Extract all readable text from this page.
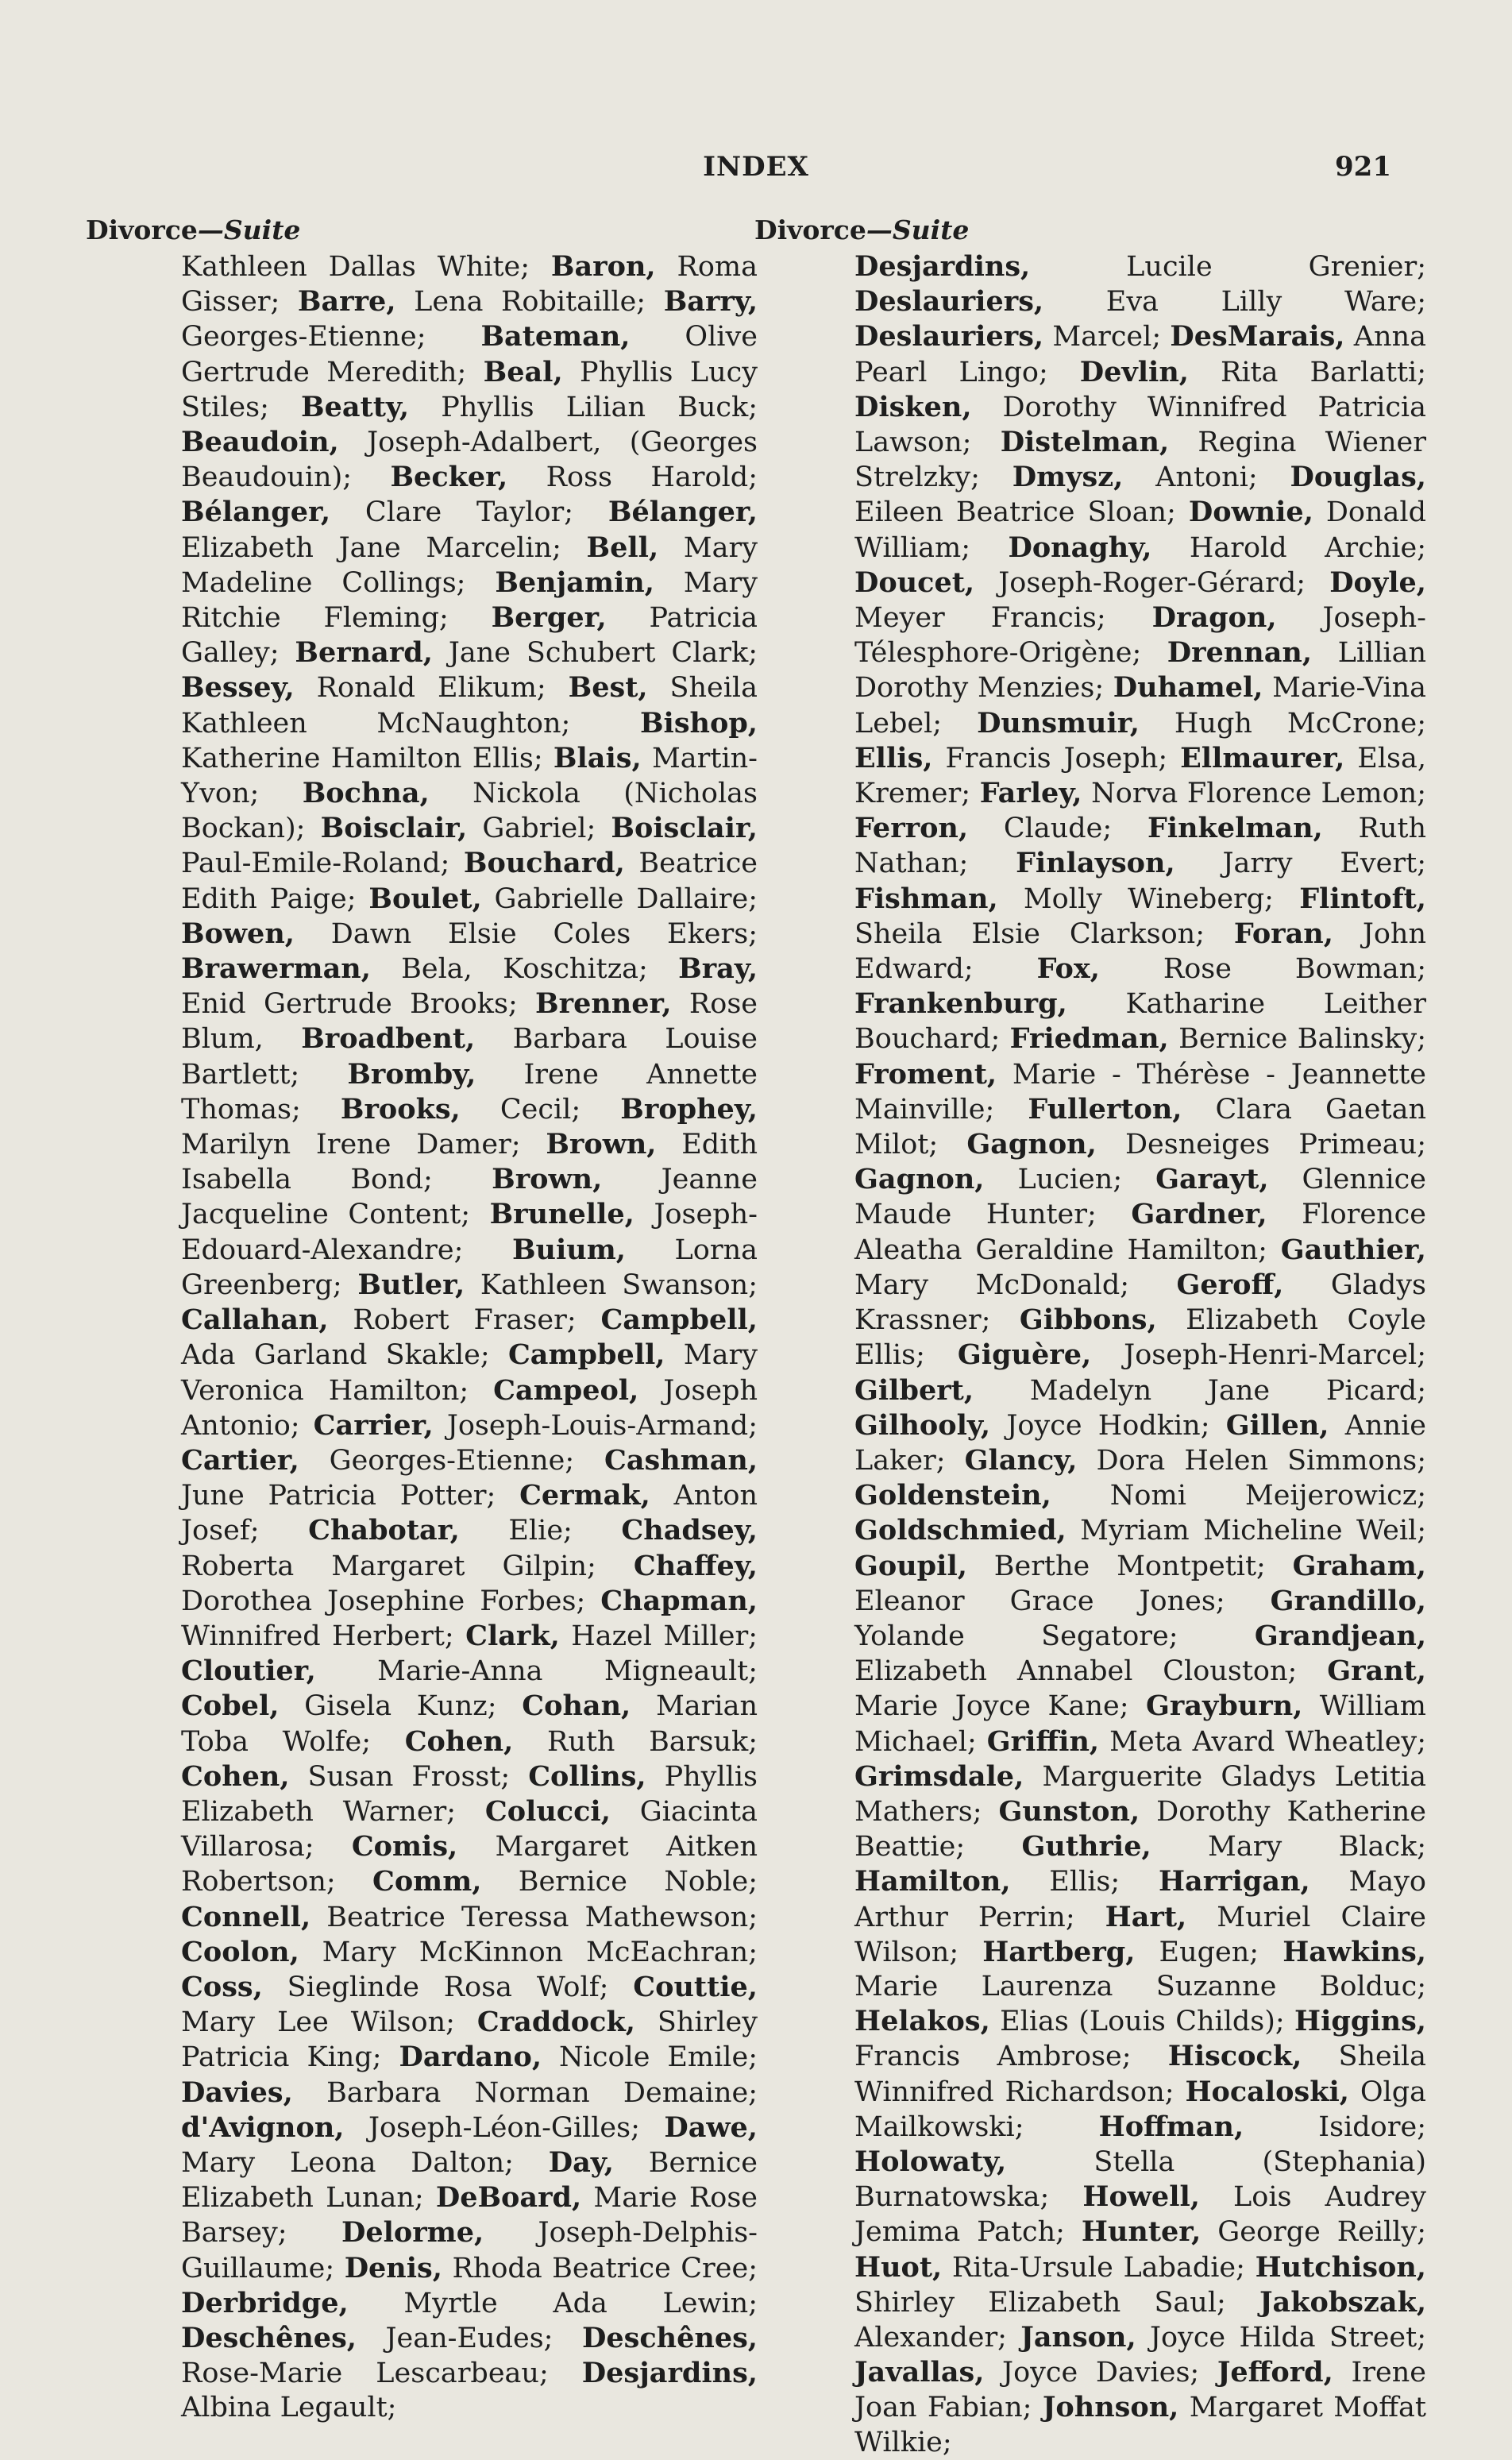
INDEX	921
Divorce—Suite

Kathleen Dallas White; Baron, Roma Gisser; Barre, Lena Robitaille; Barry, Georges-Etienne; Bateman, Olive Gertrude Meredith; Beal, Phyllis Lucy Stiles; Beatty, Phyllis Lilian Buck; Beaudoin, Joseph-Adalbert, (Georges Beaudouin); Becker, Ross Harold; Bélanger, Clare Taylor; Bélanger, Elizabeth Jane Marcelin; Bell, Mary Madeline Collings; Benjamin, Mary Ritchie Fleming; Berger, Patricia Galley; Bernard, Jane Schubert Clark; Bessey, Ronald Elikum; Best, Sheila Kathleen McNaughton; Bishop, Katherine Hamilton Ellis; Blais, Martin-Yvon; Bochna, Nickola (Nicholas Bockan); Boisclair, Gabriel; Boisclair, Paul-Emile-Roland; Bouchard, Beatrice Edith Paige; Boulet, Gabrielle Dallaire; Bowen, Dawn Elsie Coles Ekers; Brawerman, Bela, Koschitza; Bray, Enid Gertrude Brooks; Brenner, Rose Blum, Broadbent, Barbara Louise Bartlett; Bromby, Irene Annette Thomas; Brooks, Cecil; Brophey, Marilyn Irene Damer; Brown, Edith Isabella Bond; Brown, Jeanne Jacqueline Content; Brunelle, Joseph-Edouard-Alexandre; Buium, Lorna Greenberg; Butler, Kathleen Swanson; Callahan, Robert Fraser; Campbell, Ada Garland Skakle; Campbell, Mary Veronica Hamilton; Campeol, Joseph Antonio; Carrier, Joseph-Louis-Armand; Cartier, Georges-Etienne; Cashman, June Patricia Potter; Cermak, Anton Josef; Chabotar, Elie; Chadsey, Roberta Margaret Gilpin; Chaffey, Dorothea Josephine Forbes; Chapman, Winnifred Herbert; Clark, Hazel Miller; Cloutier, Marie-Anna Migneault; Cobel, Gisela Kunz; Cohan, Marian Toba Wolfe; Cohen, Ruth Barsuk; Cohen, Susan Frosst; Collins, Phyllis Elizabeth Warner; Colucci, Giacinta Villarosa; Comis, Margaret Aitken Robertson; Comm, Bernice Noble; Connell, Beatrice Teressa Mathewson; Coolon, Mary McKinnon McEachran; Coss, Sieglinde Rosa Wolf; Couttie, Mary Lee Wilson; Craddock, Shirley Patricia King; Dardano, Nicole Emile; Davies, Barbara Norman Demaine; d'Avignon, Joseph-Léon-Gilles; Dawe, Mary Leona Dalton; Day, Bernice Elizabeth Lunan; DeBoard, Marie Rose Barsey; Delorme, Joseph-Delphis-Guillaume; Denis, Rhoda Beatrice Cree; Derbridge, Myrtle Ada Lewin; Deschênes, Jean-Eudes; Deschênes, Rose-Marie Lescarbeau; Desjardins, Albina Legault;

Divorce—Suite

Desjardins, Lucile Grenier; Deslauriers, Eva Lilly Ware; Deslauriers, Marcel; DesMarais, Anna Pearl Lingo; Devlin, Rita Barlatti; Disken, Dorothy Winnifred Patricia Lawson; Distelman, Regina Wiener Strelzky; Dmysz, Antoni; Douglas, Eileen Beatrice Sloan; Downie, Donald William; Donaghy, Harold Archie; Doucet, Joseph-Roger-Gérard; Doyle, Meyer Francis; Dragon, Joseph-Télesphore-Origène; Drennan, Lillian Dorothy Menzies; Duhamel, Marie-Vina Lebel; Dunsmuir, Hugh McCrone; Ellis, Francis Joseph; Ellmaurer, Elsa, Kremer; Farley, Norva Florence Lemon; Ferron, Claude; Finkelman, Ruth Nathan; Finlayson, Jarry Evert; Fishman, Molly Wineberg; Flintoft, Sheila Elsie Clarkson; Foran, John Edward; Fox, Rose Bowman; Frankenburg, Katharine Leither Bouchard; Friedman, Bernice Balinsky; Froment, Marie - Thérèse - Jeannette Mainville; Fullerton, Clara Gaetan Milot; Gagnon, Desneiges Primeau; Gagnon, Lucien; Garayt, Glennice Maude Hunter; Gardner, Florence Aleatha Geraldine Hamilton; Gauthier, Mary McDonald; Geroff, Gladys Krassner; Gibbons, Elizabeth Coyle Ellis; Giguère, Joseph-Henri-Marcel; Gilbert, Madelyn Jane Picard; Gilhooly, Joyce Hodkin; Gillen, Annie Laker; Glancy, Dora Helen Simmons; Goldenstein, Nomi Meijerowicz; Goldschmied, Myriam Micheline Weil; Goupil, Berthe Montpetit; Graham, Eleanor Grace Jones; Grandillo, Yolande Segatore; Grandjean, Elizabeth Annabel Clouston; Grant, Marie Joyce Kane; Grayburn, William Michael; Griffin, Meta Avard Wheatley; Grimsdale, Marguerite Gladys Letitia Mathers; Gunston, Dorothy Katherine Beattie; Guthrie, Mary Black; Hamilton, Ellis; Harrigan, Mayo Arthur Perrin; Hart, Muriel Claire Wilson; Hartberg, Eugen; Hawkins, Marie Laurenza Suzanne Bolduc; Helakos, Elias (Louis Childs); Higgins, Francis Ambrose; Hiscock, Sheila Winnifred Richardson; Hocaloski, Olga Mailkowski; Hoffman, Isidore; Holowaty, Stella (Stephania) Burnatowska; Howell, Lois Audrey Jemima Patch; Hunter, George Reilly; Huot, Rita-Ursule Labadie; Hutchison, Shirley Elizabeth Saul; Jakobszak, Alexander; Janson, Joyce Hilda Street; Javallas, Joyce Davies; Jefford, Irene Joan Fabian; Johnson, Margaret Moffat Wilkie;
